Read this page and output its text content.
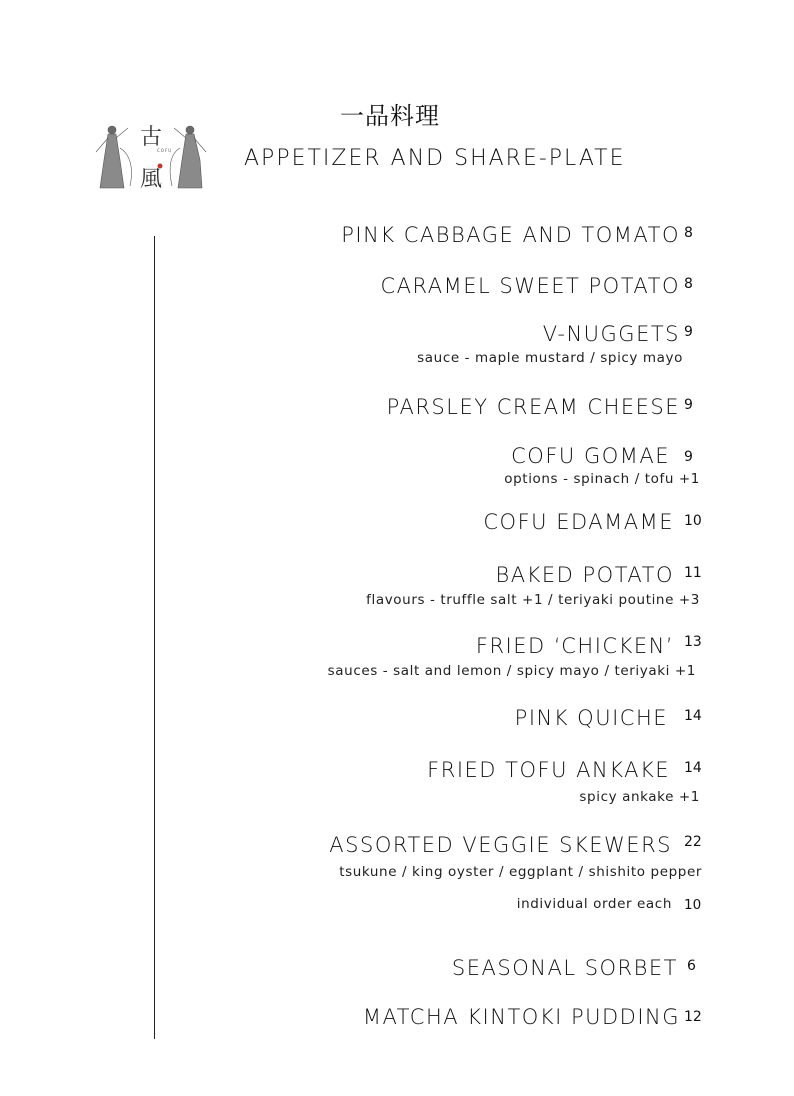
一品料理
古
風
COFU	APPETIZER AND SHARE-PLATE
PINK CABBAGE AND TOMATO 8
CARAMEL SWEET POTATO 8
V-NUGGETS 9
sauce - maple mustard / spicy mayo
PARSLEY CREAM CHEESE 9
COFU GOMAE 9
options - spinach / tofu +1
COFU EDAMAME 10
BAKED POTATO 11
flavours - truffle salt +1 / teriyaki poutine +3
FRIED ‘CHICKEN’ 13
sauces - salt and lemon / spicy mayo / teriyaki +1
PINK QUICHE 14
FRIED TOFU ANKAKE 14
spicy ankake +1
ASSORTED VEGGIE SKEWERS 22
tsukune / king oyster / eggplant / shishito pepper
individual order each 10
SEASONAL SORBET 6
MATCHA KINTOKI PUDDING 12
